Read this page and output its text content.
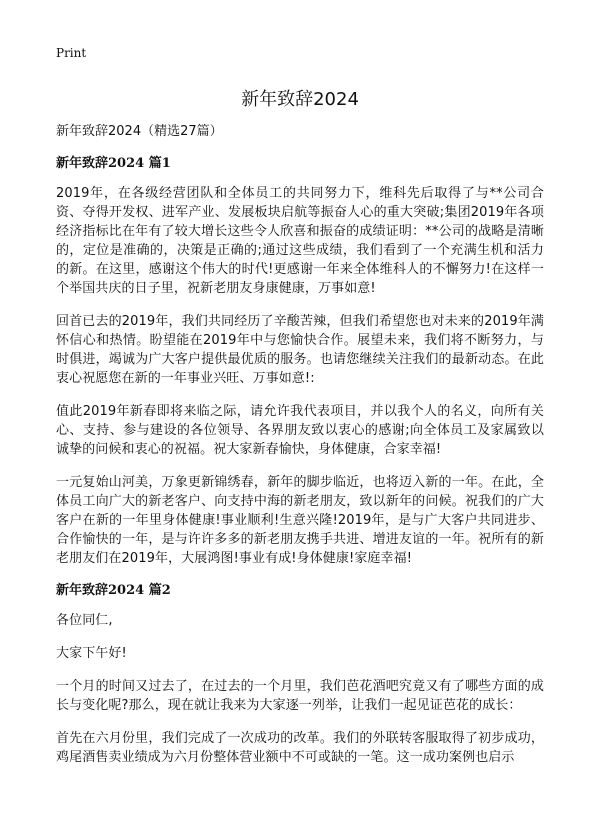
Print
新年致辞2024
新年致辞2024（精选27篇）
新年致辞2024 篇1

2019年，在各级经营团队和全体员工的共同努力下，维科先后取得了与**公司合资、夺得开发权、进军产业、发展板块启航等振奋人心的重大突破;集团2019年各项经济指标比在年有了较大增长这些令人欣喜和振奋的成绩证明：**公司的战略是清晰的，定位是准确的，决策是正确的;通过这些成绩，我们看到了一个充满生机和活力的新。在这里，感谢这个伟大的时代!更感谢一年来全体维科人的不懈努力!在这样一个举国共庆的日子里，祝新老朋友身康健康，万事如意!

回首已去的2019年，我们共同经历了辛酸苦辣，但我们希望您也对未来的2019年满怀信心和热情。盼望能在2019年中与您愉快合作。展望未来，我们将不断努力，与时俱进，竭诚为广大客户提供最优质的服务。也请您继续关注我们的最新动态。在此衷心祝愿您在新的一年事业兴旺、万事如意!:

值此2019年新春即将来临之际，请允许我代表项目，并以我个人的名义，向所有关心、支持、参与建设的各位领导、各界朋友致以衷心的感谢;向全体员工及家属致以诚挚的问候和衷心的祝福。祝大家新春愉快，身体健康，合家幸福!

一元复始山河美，万象更新锦绣春，新年的脚步临近，也将迈入新的一年。在此，全体员工向广大的新老客户、向支持中海的新老朋友，致以新年的问候。祝我们的广大客户在新的一年里身体健康!事业顺利!生意兴隆!2019年，是与广大客户共同进步、合作愉快的一年，是与许许多多的新老朋友携手共进、增进友谊的一年。祝所有的新老朋友们在2019年，大展鸿图!事业有成!身体健康!家庭幸福!

新年致辞2024 篇2

各位同仁,

大家下午好!

一个月的时间又过去了，在过去的一个月里，我们芭花酒吧究竟又有了哪些方面的成长与变化呢?那么，现在就让我来为大家逐一列举，让我们一起见证芭花的成长：

首先在六月份里，我们完成了一次成功的改革。我们的外联转客服取得了初步成功，鸡尾酒售卖业绩成为六月份整体营业额中不可或缺的一笔。这一成功案例也启示
